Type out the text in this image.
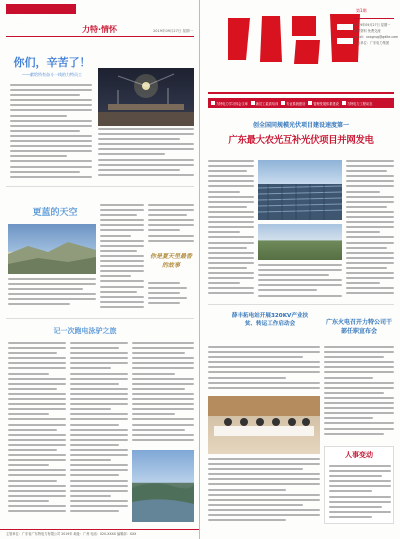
广东华电力集团有限公司
力特·情怀	2019年09月27日 星期一
你们，辛苦了！
——献给所有奋斗一线的力特员工
更蓝的天空
你是夏天里最香的故事
记一次跑电泳驴之旅
主管单位：广东省广东特电力有限公司 2019年 地址：广州 电话：020-XXXX 编辑部：XXX
第1期
2019年09月27日 星期一
内部资料 免费交流
email：xxxgrug@gdlte.com
主办单位：广东电力集团
力特电力学习体会文章	新员工素质培训	专业系统建设	管理发展体系建设	力特电力工程动态
创全国同规模光伏项目建设速度第一
广东最大农光互补光伏项目并网发电
薛丰拓电站开展320KV产业扶贫、转运工作启动会	广东火电召开力特公司干部任职宣布会
人事变动
